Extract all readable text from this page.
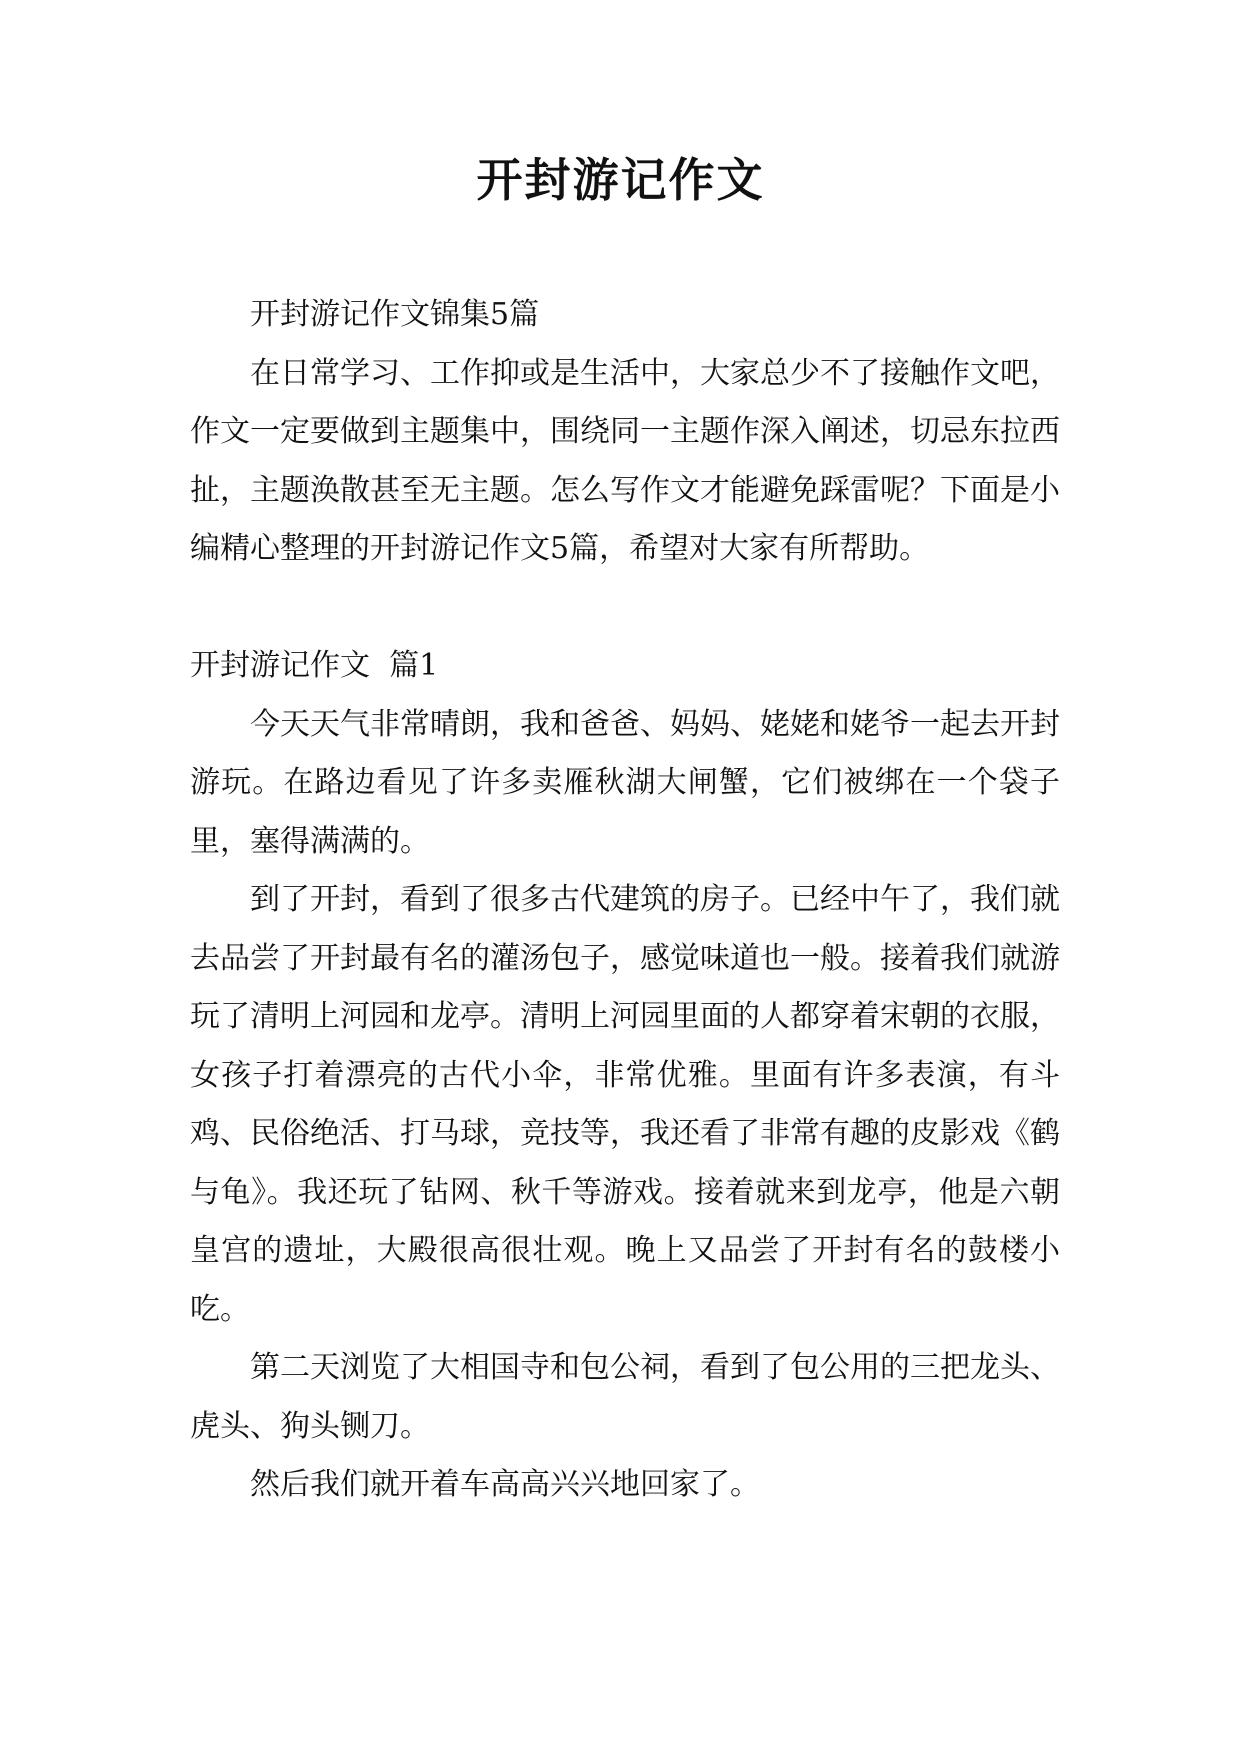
开封游记作文

开封游记作文锦集5篇

在日常学习、工作抑或是生活中，大家总少不了接触作文吧，作文一定要做到主题集中，围绕同一主题作深入阐述，切忌东拉西扯，主题涣散甚至无主题。怎么写作文才能避免踩雷呢？下面是小编精心整理的开封游记作文5篇，希望对大家有所帮助。

开封游记作文  篇1

今天天气非常晴朗，我和爸爸、妈妈、姥姥和姥爷一起去开封游玩。在路边看见了许多卖雁秋湖大闸蟹，它们被绑在一个袋子里，塞得满满的。

到了开封，看到了很多古代建筑的房子。已经中午了，我们就去品尝了开封最有名的灌汤包子，感觉味道也一般。接着我们就游玩了清明上河园和龙亭。清明上河园里面的人都穿着宋朝的衣服，女孩子打着漂亮的古代小伞，非常优雅。里面有许多表演，有斗鸡、民俗绝活、打马球，竞技等，我还看了非常有趣的皮影戏《鹤与龟》。我还玩了钻网、秋千等游戏。接着就来到龙亭，他是六朝皇宫的遗址，大殿很高很壮观。晚上又品尝了开封有名的鼓楼小吃。

第二天浏览了大相国寺和包公祠，看到了包公用的三把龙头、虎头、狗头铡刀。

然后我们就开着车高高兴兴地回家了。
